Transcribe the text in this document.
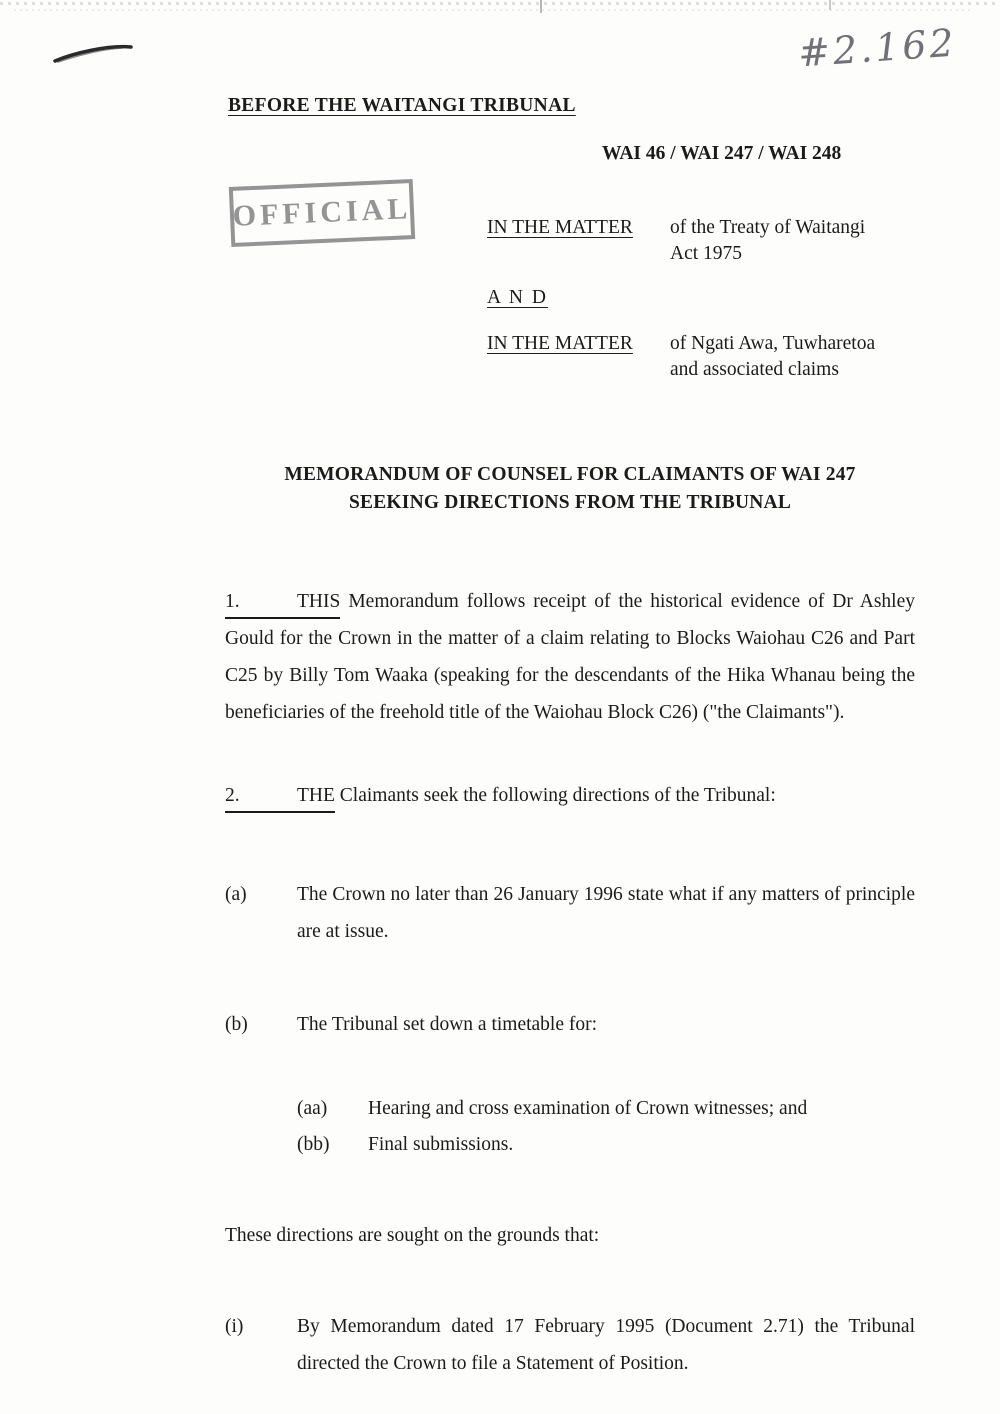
#2.162
OFFICIAL
BEFORE THE WAITANGI TRIBUNAL
WAI 46 / WAI 247 / WAI 248
IN THE MATTER	of the Treaty of Waitangi
Act 1975
A N D
IN THE MATTER	of Ngati Awa, Tuwharetoa
and associated claims
MEMORANDUM OF COUNSEL FOR CLAIMANTS OF WAI 247
SEEKING DIRECTIONS FROM THE TRIBUNAL

1.	THIS Memorandum follows receipt of the historical evidence of Dr Ashley Gould for the Crown in the matter of a claim relating to Blocks Waiohau C26 and Part C25 by Billy Tom Waaka (speaking for the descendants of the Hika Whanau being the beneficiaries of the freehold title of the Waiohau Block C26) ("the Claimants").

2.	THE Claimants seek the following directions of the Tribunal:

(a)	The Crown no later than 26 January 1996 state what if any matters of principle are at issue.
(b)	The Tribunal set down a timetable for:
(aa)	Hearing and cross examination of Crown witnesses; and
(bb)	Final submissions.
These directions are sought on the grounds that:
(i)	By Memorandum dated 17 February 1995 (Document 2.71) the Tribunal directed the Crown to file a Statement of Position.
